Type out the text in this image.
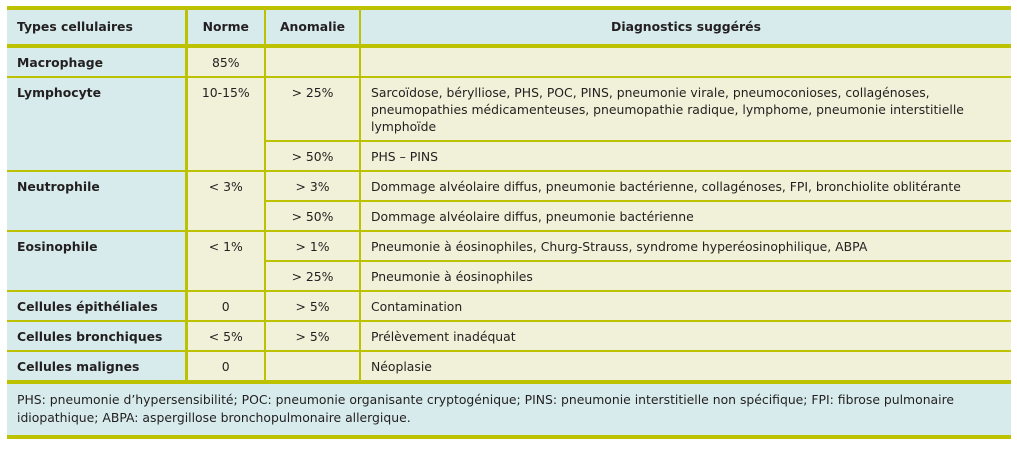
Types cellulaires	Norme	Anomalie	Diagnostics suggérés
Macrophage	85%		
Lymphocyte	10-15%	> 25%	Sarcoïdose, bérylliose, PHS, POC, PINS, pneumonie virale, pneumoconioses, collagénoses, pneumopathies médicamenteuses, pneumopathie radique, lymphome, pneumonie interstitielle lymphoïde
		> 50%	PHS – PINS
Neutrophile	< 3%	> 3%	Dommage alvéolaire diffus, pneumonie bactérienne, collagénoses, FPI, bronchiolite oblitérante
		> 50%	Dommage alvéolaire diffus, pneumonie bactérienne
Eosinophile	< 1%	> 1%	Pneumonie à éosinophiles, Churg-Strauss, syndrome hyperéosinophilique, ABPA
		> 25%	Pneumonie à éosinophiles
Cellules épithéliales	0	> 5%	Contamination
Cellules bronchiques	< 5%	> 5%	Prélèvement inadéquat
Cellules malignes	0		Néoplasie
PHS: pneumonie d’hypersensibilité; POC: pneumonie organisante cryptogénique; PINS: pneumonie interstitielle non spécifique; FPI: fibrose pulmonaire idiopathique; ABPA: aspergillose bronchopulmonaire allergique.
